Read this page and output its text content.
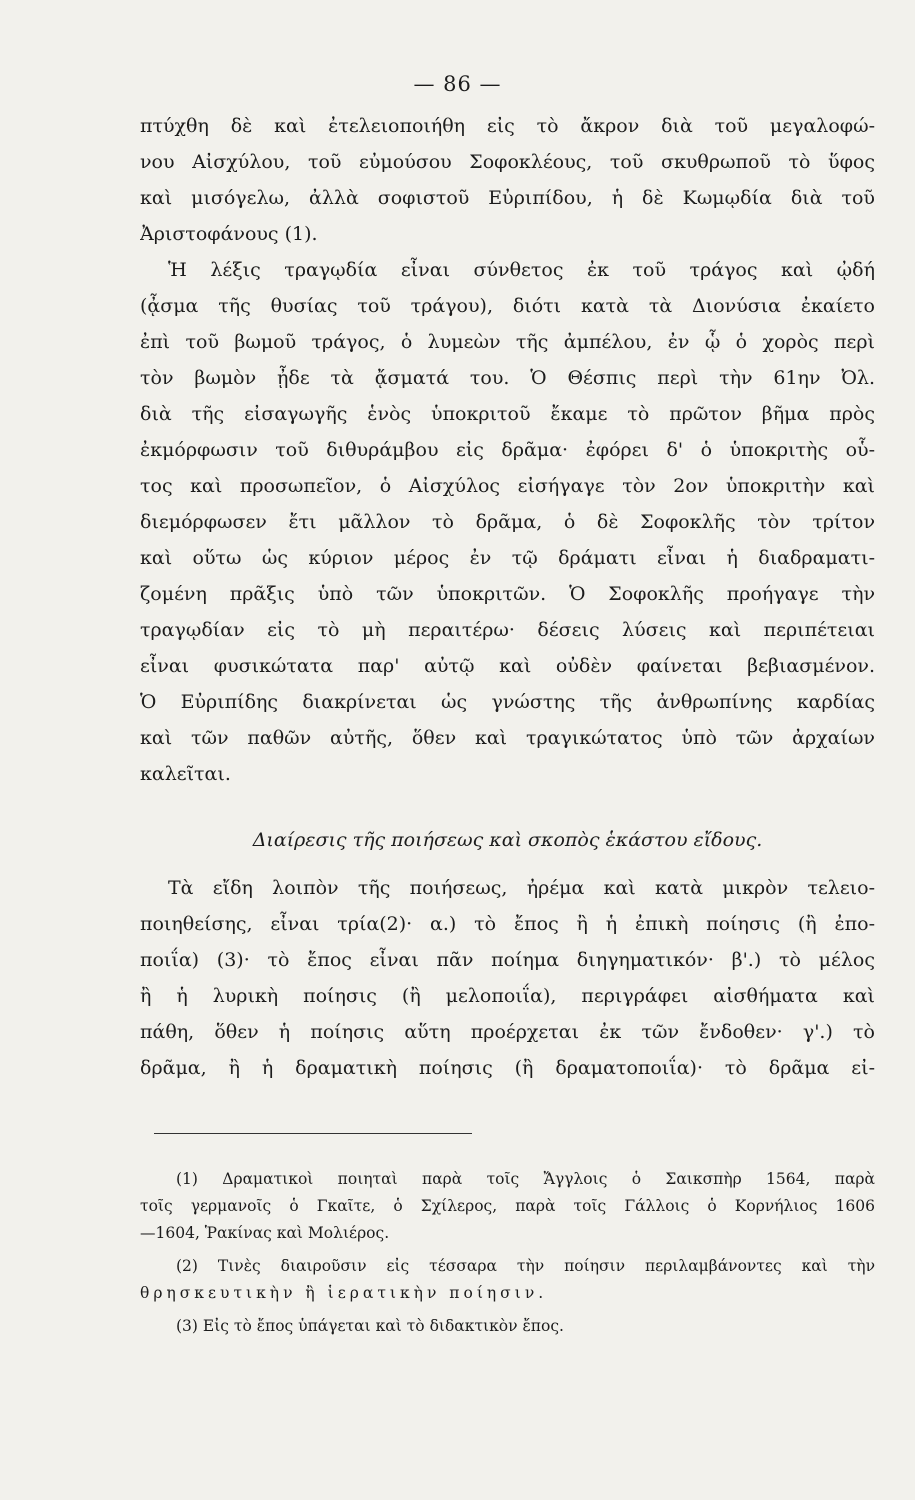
— 86 —
πτύχθη δὲ καὶ ἐτελειοποιήθη εἰς τὸ ἄκρον διὰ τοῦ μεγαλοφώ-
νου Αἰσχύλου, τοῦ εὐμούσου Σοφοκλέους, τοῦ σκυθρωποῦ τὸ ὕφος
καὶ μισόγελω, ἀλλὰ σοφιστοῦ Εὐριπίδου, ἡ δὲ Κωμῳδία διὰ τοῦ
Ἀριστοφάνους (1).
Ἡ λέξις τραγῳδία εἶναι σύνθετος ἐκ τοῦ τράγος καὶ ᾠδή
(ᾆσμα τῆς θυσίας τοῦ τράγου), διότι κατὰ τὰ Διονύσια ἐκαίετο
ἐπὶ τοῦ βωμοῦ τράγος, ὁ λυμεὼν τῆς ἀμπέλου, ἐν ᾧ ὁ χορὸς περὶ
τὸν βωμὸν ᾖδε τὰ ᾄσματά του. Ὁ Θέσπις περὶ τὴν 61ην Ὀλ.
διὰ τῆς εἰσαγωγῆς ἑνὸς ὑποκριτοῦ ἔκαμε τὸ πρῶτον βῆμα πρὸς
ἐκμόρφωσιν τοῦ διθυράμβου εἰς δρᾶμα· ἐφόρει δ' ὁ ὑποκριτὴς οὗ-
τος καὶ προσωπεῖον, ὁ Αἰσχύλος εἰσήγαγε τὸν 2ον ὑποκριτὴν καὶ
διεμόρφωσεν ἔτι μᾶλλον τὸ δρᾶμα, ὁ δὲ Σοφοκλῆς τὸν τρίτον
καὶ οὕτω ὡς κύριον μέρος ἐν τῷ δράματι εἶναι ἡ διαδραματι-
ζομένη πρᾶξις ὑπὸ τῶν ὑποκριτῶν. Ὁ Σοφοκλῆς προήγαγε τὴν
τραγῳδίαν εἰς τὸ μὴ περαιτέρω· δέσεις λύσεις καὶ περιπέτειαι
εἶναι φυσικώτατα παρ' αὐτῷ καὶ οὐδὲν φαίνεται βεβιασμένον.
Ὁ Εὐριπίδης διακρίνεται ὡς γνώστης τῆς ἀνθρωπίνης καρδίας
καὶ τῶν παθῶν αὐτῆς, ὅθεν καὶ τραγικώτατος ὑπὸ τῶν ἀρχαίων
καλεῖται.
Διαίρεσις τῆς ποιήσεως καὶ σκοπὸς ἑκάστου εἴδους.
Τὰ εἴδη λοιπὸν τῆς ποιήσεως, ἠρέμα καὶ κατὰ μικρὸν τελειο-
ποιηθείσης, εἶναι τρία(2)· α.) τὸ ἔπος ἢ ἡ ἐπικὴ ποίησις (ἢ ἐπο-
ποιΐα) (3)· τὸ ἔπος εἶναι πᾶν ποίημα διηγηματικόν· β'.) τὸ μέλος
ἢ ἡ λυρικὴ ποίησις (ἢ μελοποιΐα), περιγράφει αἰσθήματα καὶ
πάθη, ὅθεν ἡ ποίησις αὕτη προέρχεται ἐκ τῶν ἔνδοθεν· γ'.) τὸ
δρᾶμα, ἢ ἡ δραματικὴ ποίησις (ἢ δραματοποιΐα)· τὸ δρᾶμα εἰ-
(1) Δραματικοὶ ποιηταὶ παρὰ τοῖς Ἄγγλοις ὁ Σαικσπὴρ 1564, παρὰ
τοῖς γερμανοῖς ὁ Γκαῖτε, ὁ Σχίλερος, παρὰ τοῖς Γάλλοις ὁ Κορνήλιος 1606
—1604, Ῥακίνας καὶ Μολιέρος.
(2) Τινὲς διαιροῦσιν εἰς τέσσαρα τὴν ποίησιν περιλαμβάνοντες καὶ τὴν
θρησκευτικὴν ἢ ἱερατικὴν ποίησιν.
(3) Εἰς τὸ ἔπος ὑπάγεται καὶ τὸ διδακτικὸν ἔπος.
